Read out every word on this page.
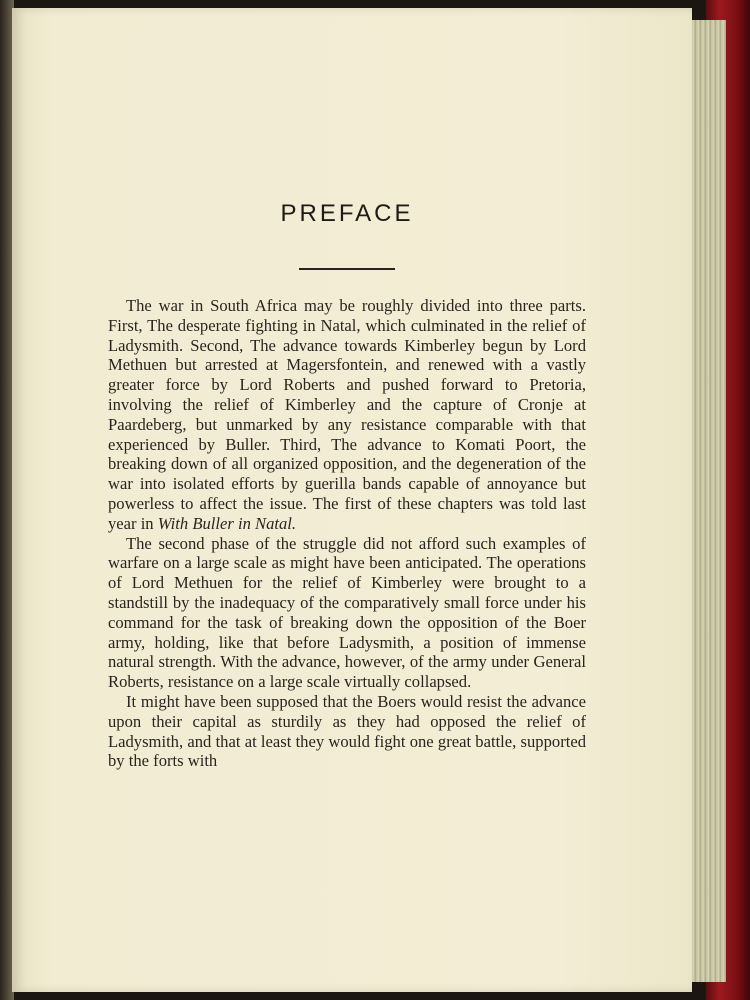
PREFACE

The war in South Africa may be roughly divided into three parts. First, The desperate fighting in Natal, which culminated in the relief of Ladysmith. Second, The advance towards Kimberley begun by Lord Methuen but arrested at Magersfontein, and renewed with a vastly greater force by Lord Roberts and pushed forward to Pretoria, involving the relief of Kimberley and the capture of Cronje at Paardeberg, but unmarked by any resistance comparable with that experienced by Buller. Third, The advance to Komati Poort, the breaking down of all organized opposition, and the degeneration of the war into isolated efforts by guerilla bands capable of annoyance but powerless to affect the issue. The first of these chapters was told last year in With Buller in Natal.

The second phase of the struggle did not afford such examples of warfare on a large scale as might have been anticipated. The operations of Lord Methuen for the relief of Kimberley were brought to a standstill by the inadequacy of the comparatively small force under his command for the task of breaking down the opposition of the Boer army, holding, like that before Ladysmith, a position of immense natural strength. With the advance, however, of the army under General Roberts, resistance on a large scale virtually collapsed.

It might have been supposed that the Boers would resist the advance upon their capital as sturdily as they had opposed the relief of Ladysmith, and that at least they would fight one great battle, supported by the forts with
